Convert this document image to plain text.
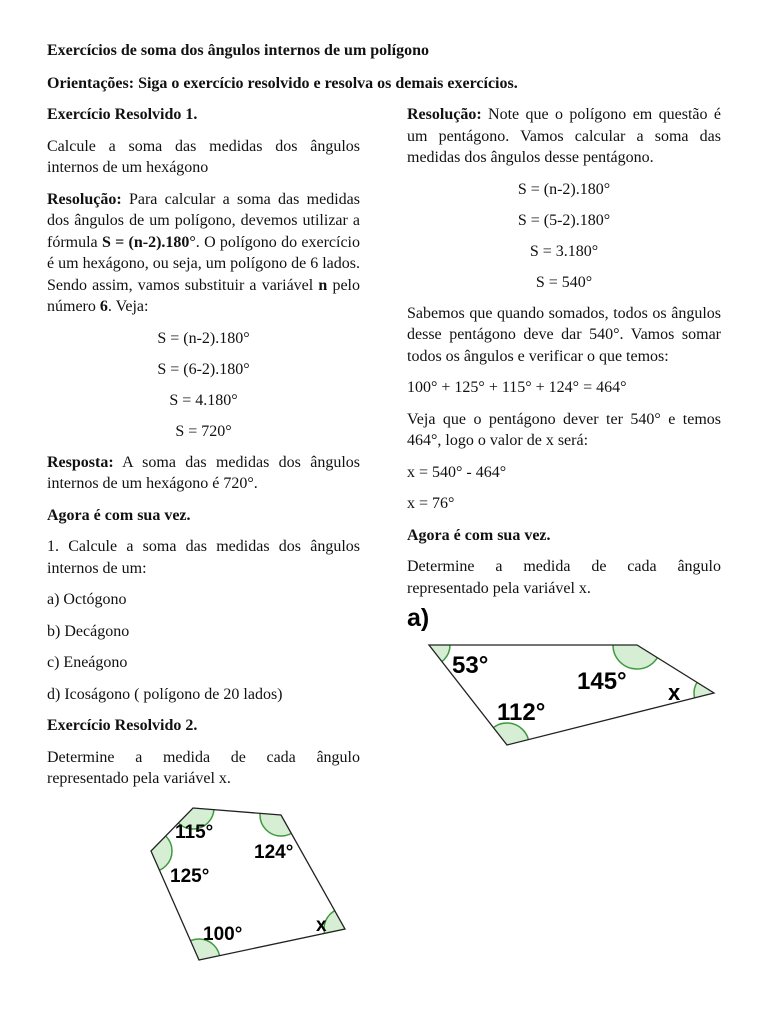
Exercícios de soma dos ângulos internos de um polígono
Orientações: Siga o exercício resolvido e resolva os demais exercícios.

Exercício Resolvido 1.

Calcule a soma das medidas dos ângulos internos de um hexágono

Resolução: Para calcular a soma das medidas dos ângulos de um polígono, devemos utilizar a fórmula S = (n-2).180°. O polígono do exercício é um hexágono, ou seja, um polígono de 6 lados. Sendo assim, vamos substituir a variável n pelo número 6. Veja:

S = (n-2).180°
S = (6-2).180°
S = 4.180°
S = 720°

Resposta: A soma das medidas dos ângulos internos de um hexágono é 720°.

Agora é com sua vez.

1. Calcule a soma das medidas dos ângulos internos de um:

a) Octógono

b) Decágono

c) Eneágono

d) Icoságono ( polígono de 20 lados)

Exercício Resolvido 2.

Determine a medida de cada ângulo representado pela variável x.

115°
124°
125°
100°	x

Resolução: Note que o polígono em questão é um pentágono. Vamos calcular a soma das medidas dos ângulos desse pentágono.

S = (n-2).180°
S = (5-2).180°
S = 3.180°
S = 540°

Sabemos que quando somados, todos os ângulos desse pentágono deve dar 540°. Vamos somar todos os ângulos e verificar o que temos:

100° + 125° + 115° + 124° = 464°

Veja que o pentágono dever ter 540° e temos 464°, logo o valor de x será:

x = 540° - 464°

x = 76°

Agora é com sua vez.

Determine a medida de cada ângulo representado pela variável x.

a)
53°
145°
112°
x
